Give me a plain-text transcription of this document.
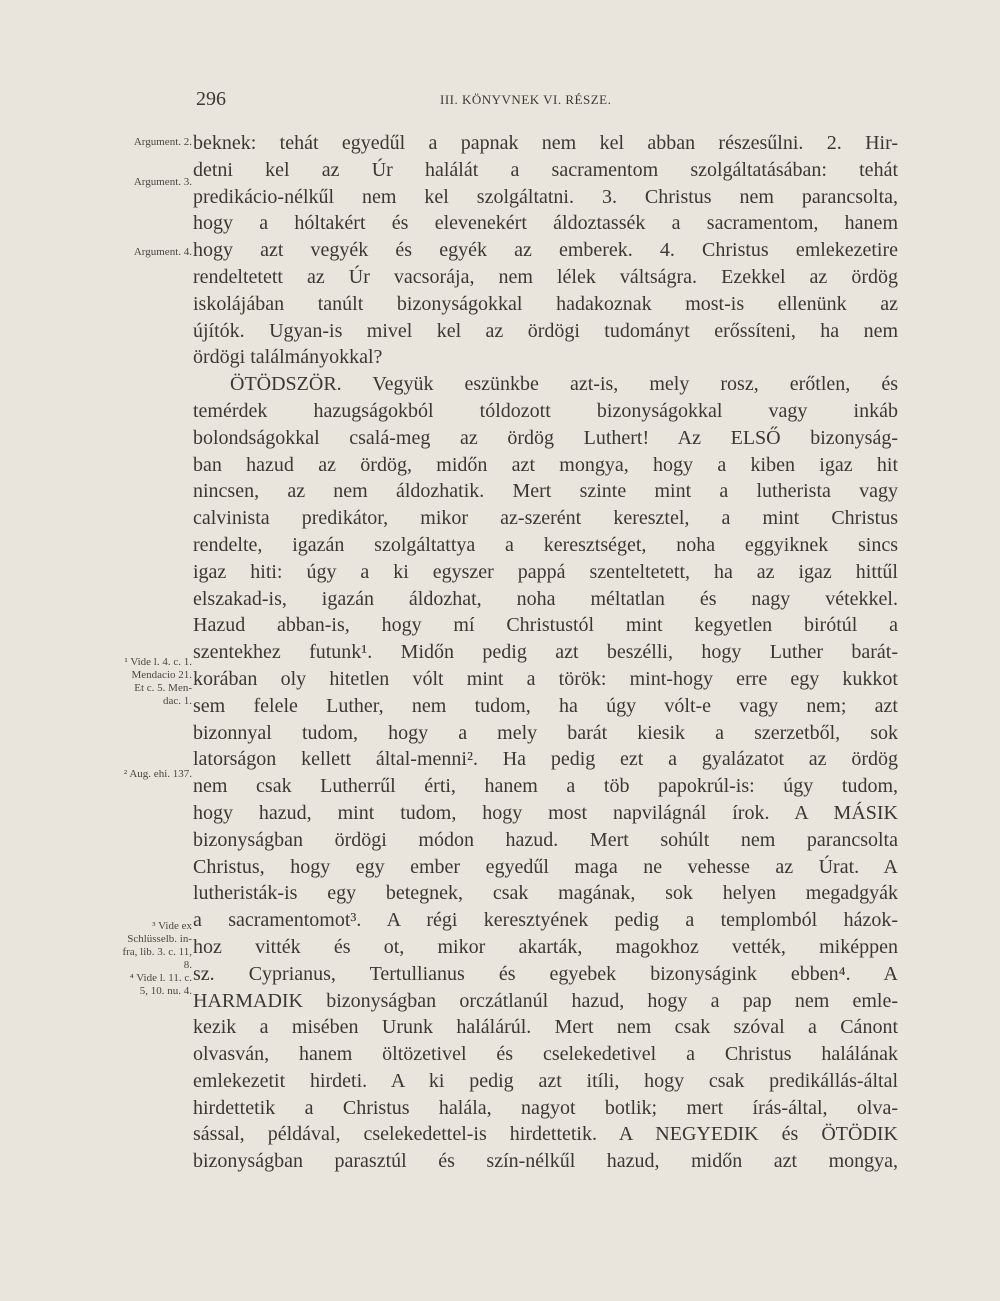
296	III. KÖNYVNEK VI. RÉSZE.
beknek: tehát egyedűl a papnak nem kel abban részesűlni. 2. Hir-
detni kel az Úr halálát a sacramentom szolgáltatásában: tehát
predikácio-nélkűl nem kel szolgáltatni. 3. Christus nem parancsolta,
hogy a hóltakért és elevenekért áldoztassék a sacramentom, hanem
hogy azt vegyék és egyék az emberek. 4. Christus emlekezetire
rendeltetett az Úr vacsorája, nem lélek váltságra. Ezekkel az ördög
iskolájában tanúlt bizonyságokkal hadakoznak most-is ellenünk az
újítók. Ugyan-is mivel kel az ördögi tudományt erőssíteni, ha nem
ördögi találmányokkal?
ÖTÖDSZÖR. Vegyük eszünkbe azt-is, mely rosz, erőtlen, és
temérdek hazugságokból tóldozott bizonyságokkal vagy inkáb
bolondságokkal csalá-meg az ördög Luthert! Az ELSŐ bizonyság-
ban hazud az ördög, midőn azt mongya, hogy a kiben igaz hit
nincsen, az nem áldozhatik. Mert szinte mint a lutherista vagy
calvinista predikátor, mikor az-szerént keresztel, a mint Christus
rendelte, igazán szolgáltattya a keresztséget, noha eggyiknek sincs
igaz hiti: úgy a ki egyszer pappá szenteltetett, ha az igaz hittűl
elszakad-is, igazán áldozhat, noha méltatlan és nagy vétekkel.
Hazud abban-is, hogy mí Christustól mint kegyetlen birótúl a
szentekhez futunk¹. Midőn pedig azt beszélli, hogy Luther barát-
korában oly hitetlen vólt mint a török: mint-hogy erre egy kukkot
sem felele Luther, nem tudom, ha úgy vólt-e vagy nem; azt
bizonnyal tudom, hogy a mely barát kiesik a szerzetből, sok
latorságon kellett által-menni². Ha pedig ezt a gyalázatot az ördög
nem csak Lutherrűl érti, hanem a töb papokrúl-is: úgy tudom,
hogy hazud, mint tudom, hogy most napvilágnál írok. A MÁSIK
bizonyságban ördögi módon hazud. Mert sohúlt nem parancsolta
Christus, hogy egy ember egyedűl maga ne vehesse az Úrat. A
lutheristák-is egy betegnek, csak magának, sok helyen megadgyák
a sacramentomot³. A régi keresztyének pedig a templomból házok-
hoz vitték és ot, mikor akarták, magokhoz vették, miképpen
sz. Cyprianus, Tertullianus és egyebek bizonyságink ebben⁴. A
HARMADIK bizonyságban orczátlanúl hazud, hogy a pap nem emle-
kezik a misében Urunk halálárúl. Mert nem csak szóval a Cánont
olvasván, hanem öltözetivel és cselekedetivel a Christus halálának
emlekezetit hirdeti. A ki pedig azt itíli, hogy csak predikállás-által
hirdettetik a Christus halála, nagyot botlik; mert írás-által, olva-
sással, példával, cselekedettel-is hirdettetik. A NEGYEDIK és ÖTÖDIK
bizonyságban parasztúl és szín-nélkűl hazud, midőn azt mongya,
Argument. 2.
Argument. 3.
Argument. 4.
¹ Vide l. 4. c. 1.
Mendacio 21.
Et c. 5. Men-
dac. 1.
² Aug. ehi. 137.
³ Vide ex
Schlüsselb. in-
fra, lib. 3. c. 11,
8.
⁴ Vide l. 11. c.
5, 10. nu. 4.
